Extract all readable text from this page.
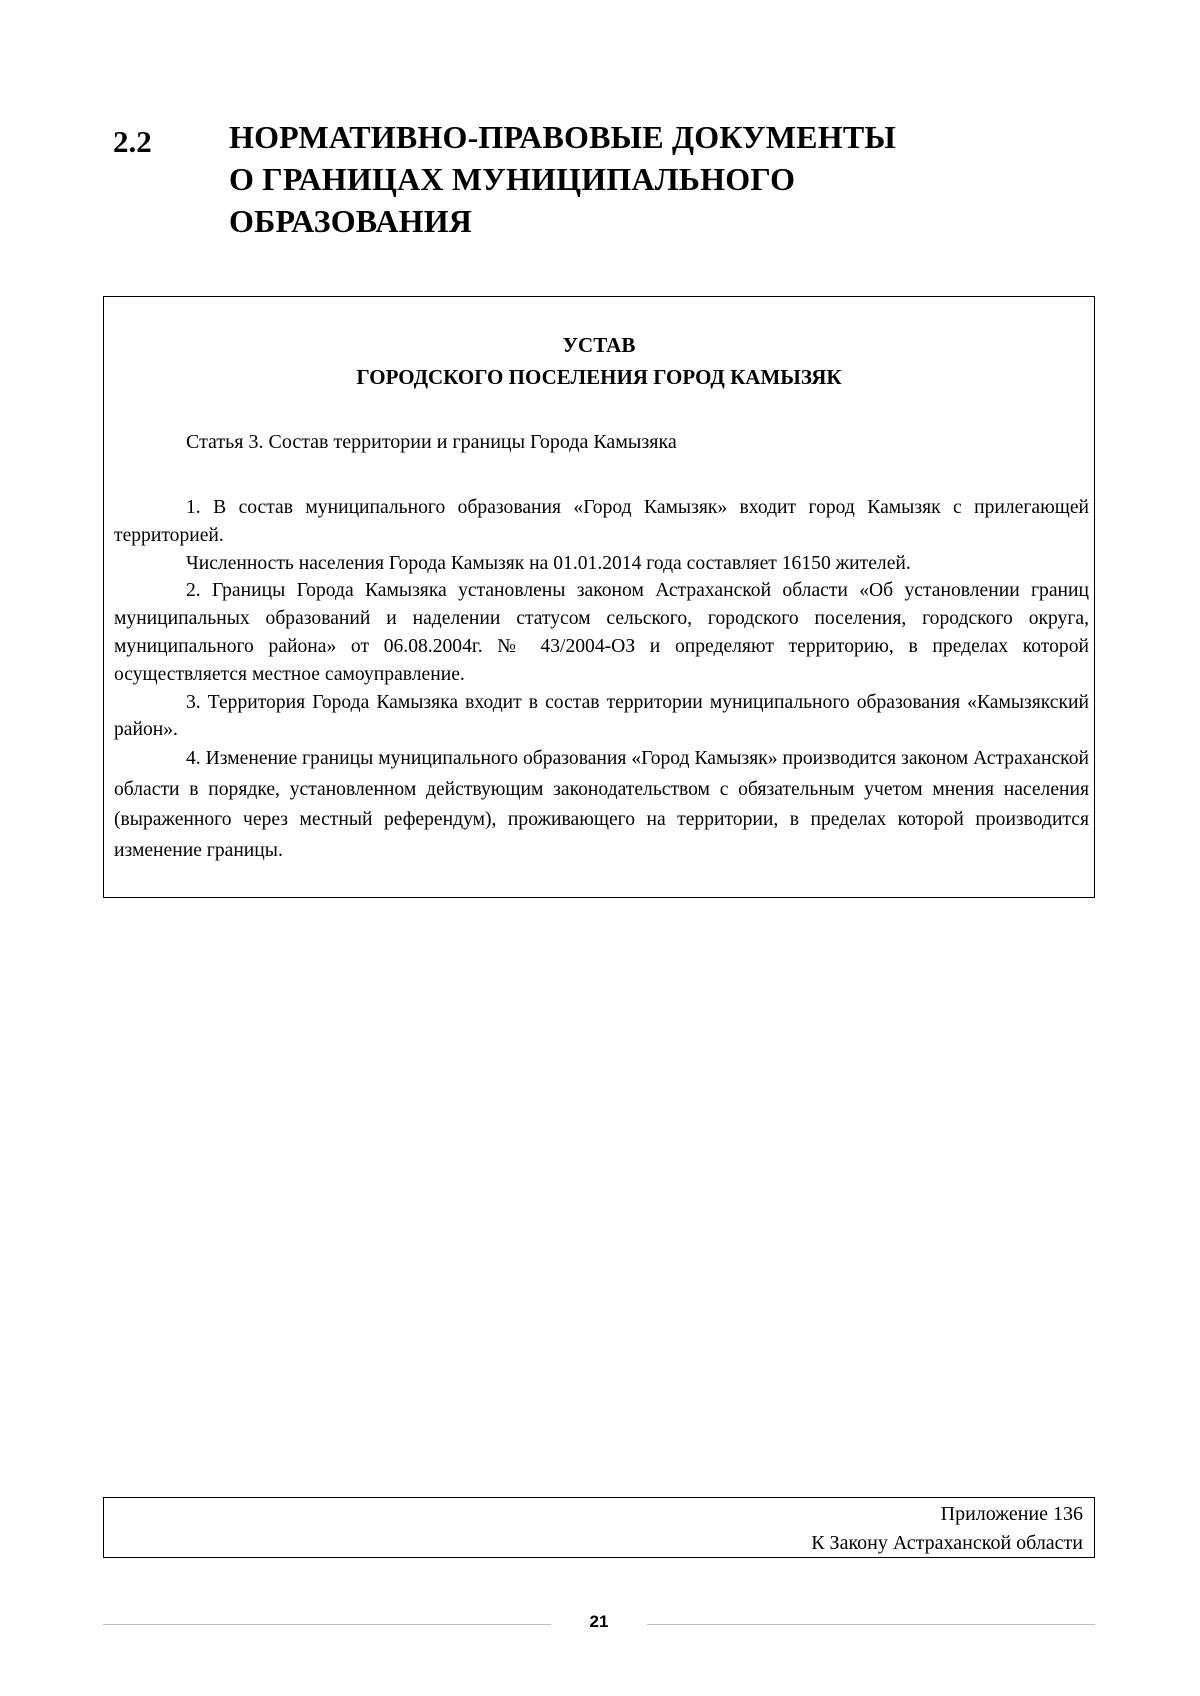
2.2 НОРМАТИВНО-ПРАВОВЫЕ ДОКУМЕНТЫ
О ГРАНИЦАХ МУНИЦИПАЛЬНОГО
ОБРАЗОВАНИЯ
УСТАВ
ГОРОДСКОГО ПОСЕЛЕНИЯ ГОРОД КАМЫЗЯК
Статья 3. Состав территории и границы Города Камызяка

1. В состав муниципального образования «Город Камызяк» входит город Камызяк с прилегающей территорией.

Численность населения Города Камызяк на 01.01.2014 года составляет 16150 жителей.

2. Границы Города Камызяка установлены законом Астраханской области «Об установлении границ муниципальных образований и наделении статусом сельского, городского поселения, городского округа, муниципального района» от 06.08.2004г. № 43/2004-ОЗ и определяют территорию, в пределах которой осуществляется местное самоуправление.

3. Территория Города Камызяка входит в состав территории муниципального образования «Камызякский район».

4. Изменение границы муниципального образования «Город Камызяк» производится законом Астраханской области в порядке, установленном действующим законодательством с обязательным учетом мнения населения (выраженного через местный референдум), проживающего на территории, в пределах которой производится изменение границы.

Приложение 136
К Закону Астраханской области
21
